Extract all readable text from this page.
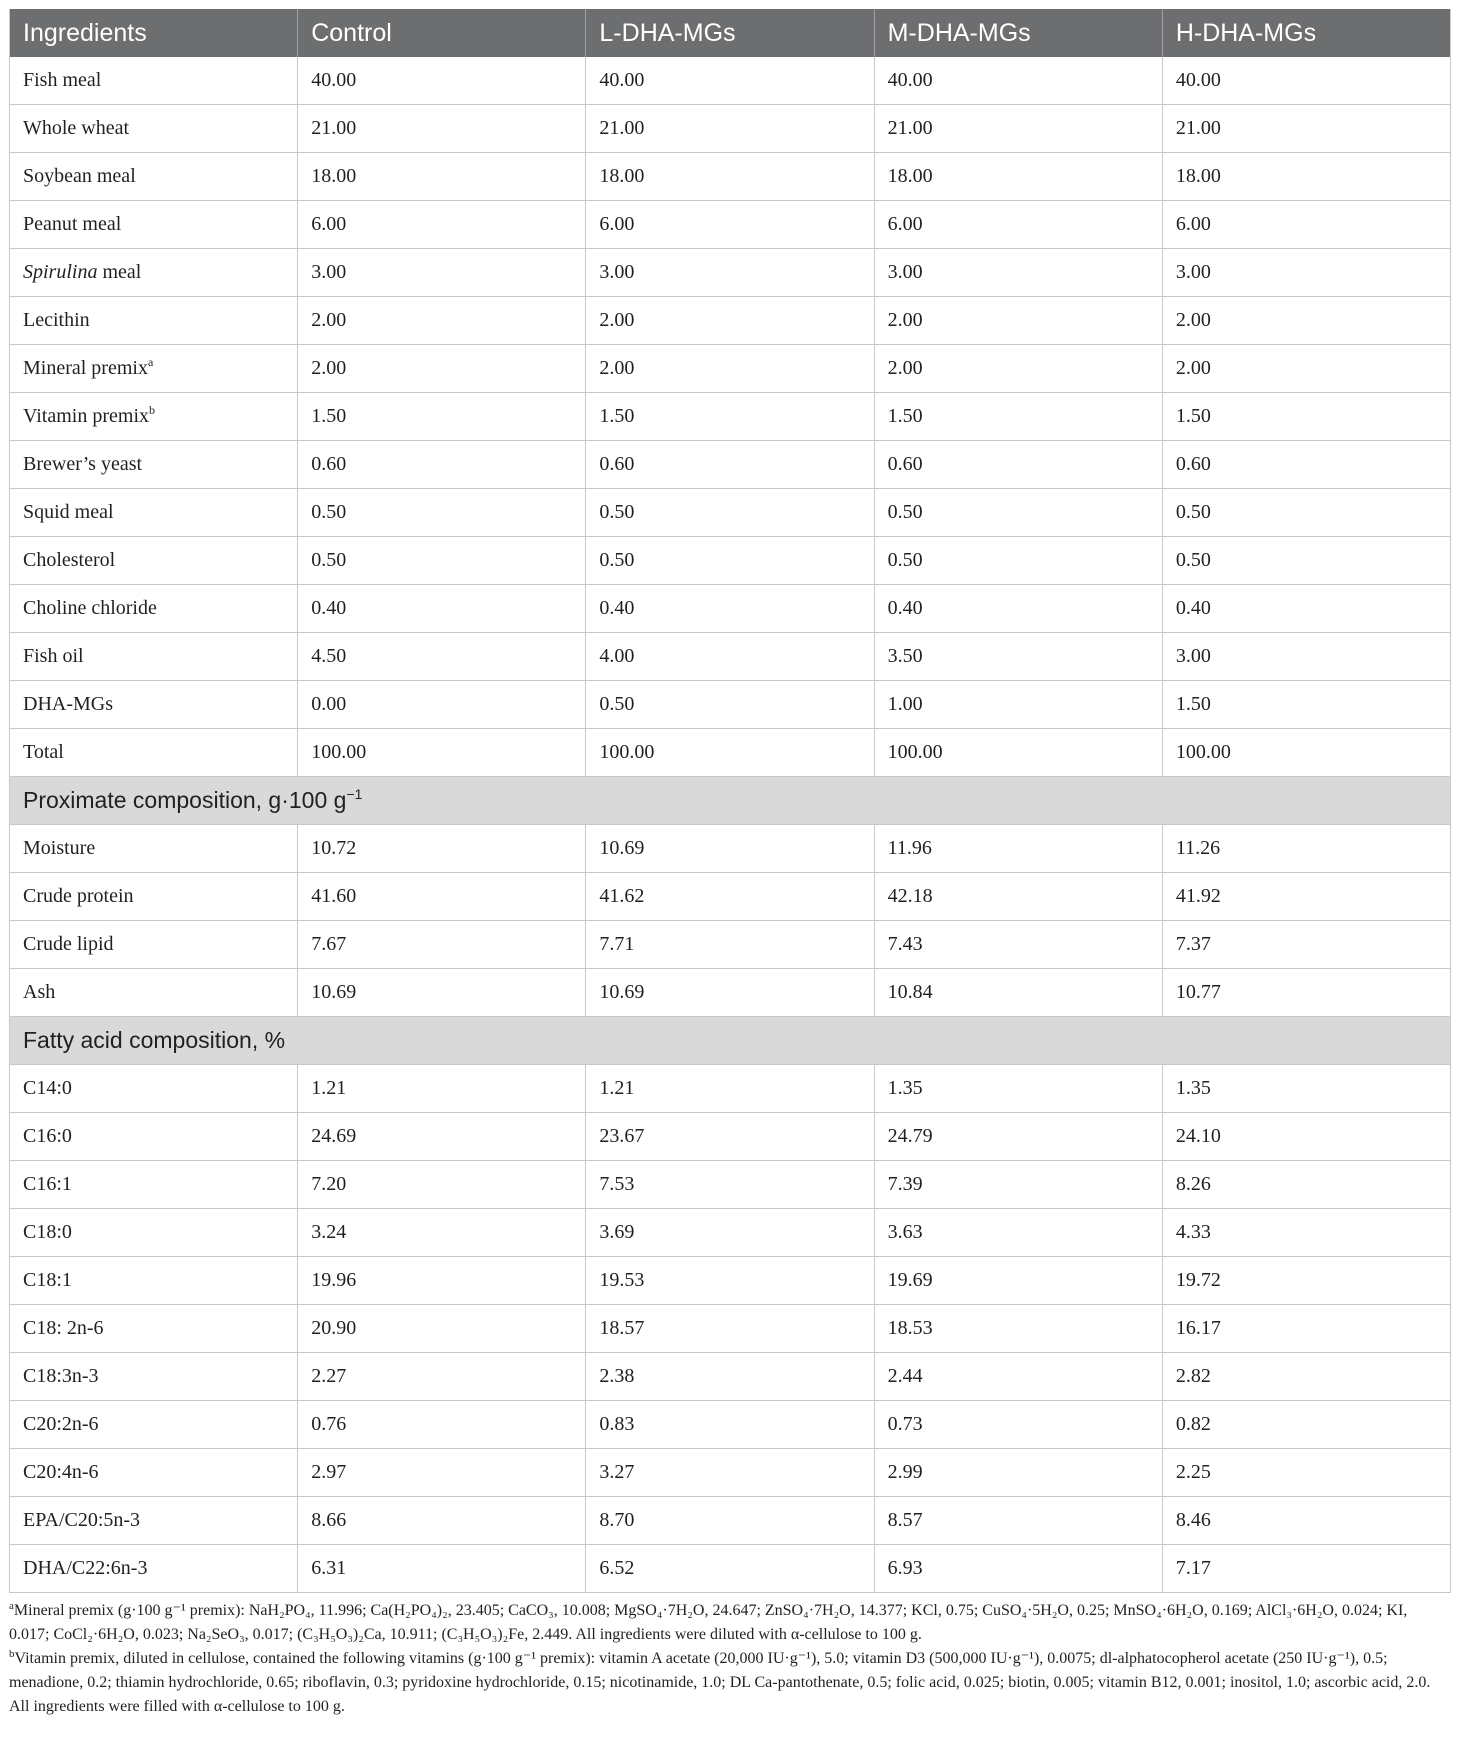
Ingredients	Control	L-DHA-MGs	M-DHA-MGs	H-DHA-MGs
Fish meal	40.00	40.00	40.00	40.00
Whole wheat	21.00	21.00	21.00	21.00
Soybean meal	18.00	18.00	18.00	18.00
Peanut meal	6.00	6.00	6.00	6.00
Spirulina meal	3.00	3.00	3.00	3.00
Lecithin	2.00	2.00	2.00	2.00
Mineral premix$^a$	2.00	2.00	2.00	2.00
Vitamin premix$^b$	1.50	1.50	1.50	1.50
Brewer’s yeast	0.60	0.60	0.60	0.60
Squid meal	0.50	0.50	0.50	0.50
Cholesterol	0.50	0.50	0.50	0.50
Choline chloride	0.40	0.40	0.40	0.40
Fish oil	4.50	4.00	3.50	3.00
DHA-MGs	0.00	0.50	1.00	1.50
Total	100.00	100.00	100.00	100.00
Proximate composition, g·100 $g^{-1}$
Moisture	10.72	10.69	11.96	11.26
Crude protein	41.60	41.62	42.18	41.92
Crude lipid	7.67	7.71	7.43	7.37
Ash	10.69	10.69	10.84	10.77
Fatty acid composition, %
C14:0	1.21	1.21	1.35	1.35
C16:0	24.69	23.67	24.79	24.10
C16:1	7.20	7.53	7.39	8.26
C18:0	3.24	3.69	3.63	4.33
C18:1	19.96	19.53	19.69	19.72
C18: 2n-6	20.90	18.57	18.53	16.17
C18:3n-3	2.27	2.38	2.44	2.82
C20:2n-6	0.76	0.83	0.73	0.82
C20:4n-6	2.97	3.27	2.99	2.25
EPA/C20:5n-3	8.66	8.70	8.57	8.46
DHA/C22:6n-3	6.31	6.52	6.93	7.17

$^a$Mineral premix (g·100 g⁻¹ premix): NaH₂PO₄, 11.996; Ca(H₂PO₄)₂, 23.405; CaCO₃, 10.008; MgSO₄·7H₂O, 24.647; ZnSO₄·7H₂O, 14.377; KCl, 0.75; CuSO₄·5H₂O, 0.25; MnSO₄·6H₂O, 0.169; AlCl₃·6H₂O, 0.024; KI, 0.017; CoCl₂·6H₂O, 0.023; Na₂SeO₃, 0.017; (C₃H₅O₃)₂Ca, 10.911; (C₃H₅O₃)₂Fe, 2.449. All ingredients were diluted with α-cellulose to 100 g.

$^b$Vitamin premix, diluted in cellulose, contained the following vitamins (g·100 g⁻¹ premix): vitamin A acetate (20,000 IU·g⁻¹), 5.0; vitamin D3 (500,000 IU·g⁻¹), 0.0075; dl-alphatocopherol acetate (250 IU·g⁻¹), 0.5; menadione, 0.2; thiamin hydrochloride, 0.65; riboflavin, 0.3; pyridoxine hydrochloride, 0.15; nicotinamide, 1.0; DL Ca-pantothenate, 0.5; folic acid, 0.025; biotin, 0.005; vitamin B12, 0.001; inositol, 1.0; ascorbic acid, 2.0. All ingredients were filled with α-cellulose to 100 g.
